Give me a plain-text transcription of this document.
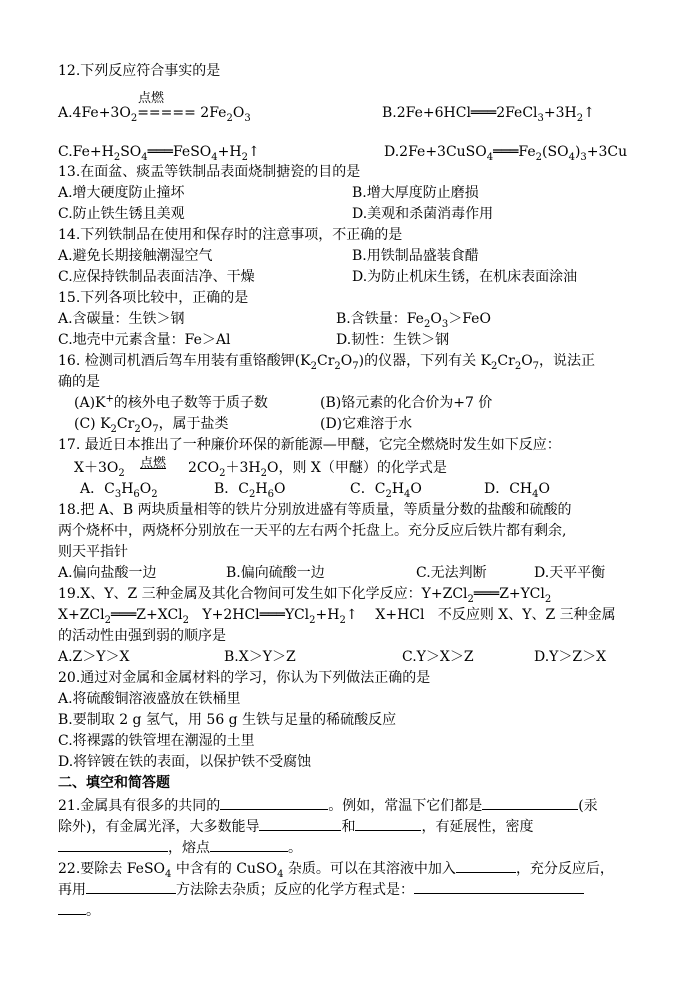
12.下列反应符合事实的是
点燃
$A.4Fe+3O_2===== 2Fe_2O_3$	$B.2Fe+6HCl═══2FeCl_3+3H_2↑$
$C.Fe+H_2SO_4═══FeSO_4+H_2↑$	$D.2Fe+3CuSO_4═══Fe_2(SO_4)_3+3Cu$
13.在面盆、痰盂等铁制品表面烧制搪瓷的目的是
A.增大硬度防止撞坏	B.增大厚度防止磨损
C.防止铁生锈且美观	D.美观和杀菌消毒作用
14.下列铁制品在使用和保存时的注意事项，不正确的是
A.避免长期接触潮湿空气	B.用铁制品盛装食醋
C.应保持铁制品表面洁净、干燥	D.为防止机床生锈，在机床表面涂油
15.下列各项比较中，正确的是
A.含碳量：生铁＞钢	B.含铁量：$Fe_2O_3>FeO$
C.地壳中元素含量：Fe＞Al	D.韧性：生铁＞钢
16. 检测司机酒后驾车用装有重铬酸钾$(K_2Cr_2O_7)$的仪器，下列有关 $K_2Cr_2O_7$，说法正
确的是
(A)K+的核外电子数等于质子数	(B)铬元素的化合价为+7 价
(C) $K_2Cr_2O_7$，属于盐类	(D)它难溶于水
17. 最近日本推出了一种廉价环保的新能源—甲醚，它完全燃烧时发生如下反应：
$X+3O_2$
点燃 $2CO_2+3H_2O$，则 X（甲醚）的化学式是
A．$C_3H_6O_2$	B．$C_2H_6O$	C．$C_2H_4O$	D．$CH_4O$
18.把 A、B 两块质量相等的铁片分别放进盛有等质量，等质量分数的盐酸和硫酸的
两个烧杯中，两烧杯分别放在一天平的左右两个托盘上。充分反应后铁片都有剩余,
则天平指针
A.偏向盐酸一边	B.偏向硫酸一边	C.无法判断	D.天平平衡
19.X、Y、Z 三种金属及其化合物间可发生如下化学反应：Y+ZCl$_2$═══Z+YCl$_2$
X+ZCl$_2$═══Z+XCl$_2$   $Y+2HCl═══YCl_2+H_2↑$    X+HCl   不反应则 X、Y、Z 三种金属
的活动性由强到弱的顺序是
A.Z＞Y＞X	B.X＞Y＞Z	C.Y＞X＞Z	D.Y＞Z＞X
20.通过对金属和金属材料的学习，你认为下列做法正确的是
A.将硫酸铜溶液盛放在铁桶里
B.要制取 2 g 氢气，用 56 g 生铁与足量的稀硫酸反应
C.将裸露的铁管埋在潮湿的土里
D.将锌镀在铁的表面，以保护铁不受腐蚀
二、填空和简答题
21.金属具有很多的共同的	。例如，常温下它们都是	(汞
除外)，有金属光泽，大多数能导	和	，有延展性，密度
，熔点	。
22.要除去 FeSO$_4$ 中含有的 CuSO$_4$ 杂质。可以在其溶液中加入	，充分反应后，
再用	方法除去杂质；反应的化学方程式是：
。
